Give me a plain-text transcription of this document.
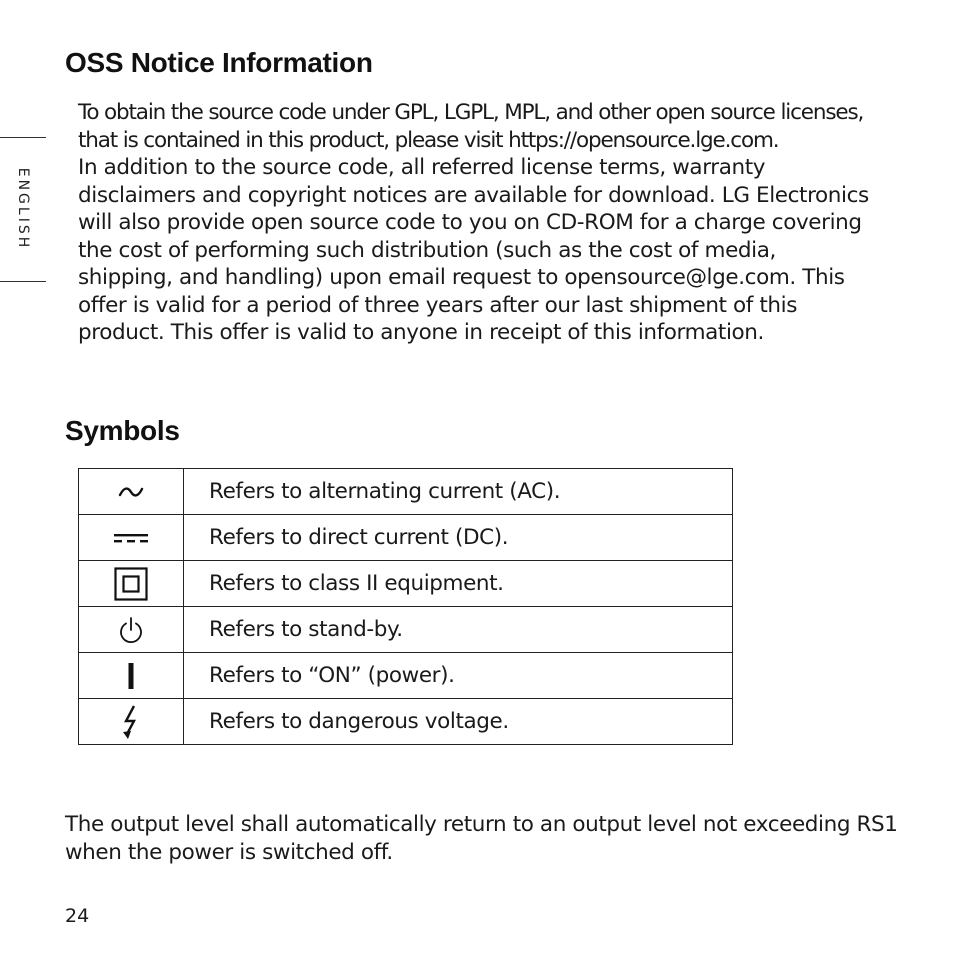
ENGLISH
OSS Notice Information

To obtain the source code under GPL, LGPL, MPL, and other open source licenses,
that is contained in this product, please visit https://opensource.lge.com.
In addition to the source code, all referred license terms, warranty
disclaimers and copyright notices are available for download. LG Electronics
will also provide open source code to you on CD-ROM for a charge covering
the cost of performing such distribution (such as the cost of media,
shipping, and handling) upon email request to opensource@lge.com. This
offer is valid for a period of three years after our last shipment of this
product. This offer is valid to anyone in receipt of this information.

Symbols
	Refers to alternating current (AC).

	Refers to direct current (DC).

	Refers to class II equipment.

	Refers to stand-by.

	Refers to “ON” (power).

	Refers to dangerous voltage.

The output level shall automatically return to an output level not exceeding RS1
when the power is switched off.

24
